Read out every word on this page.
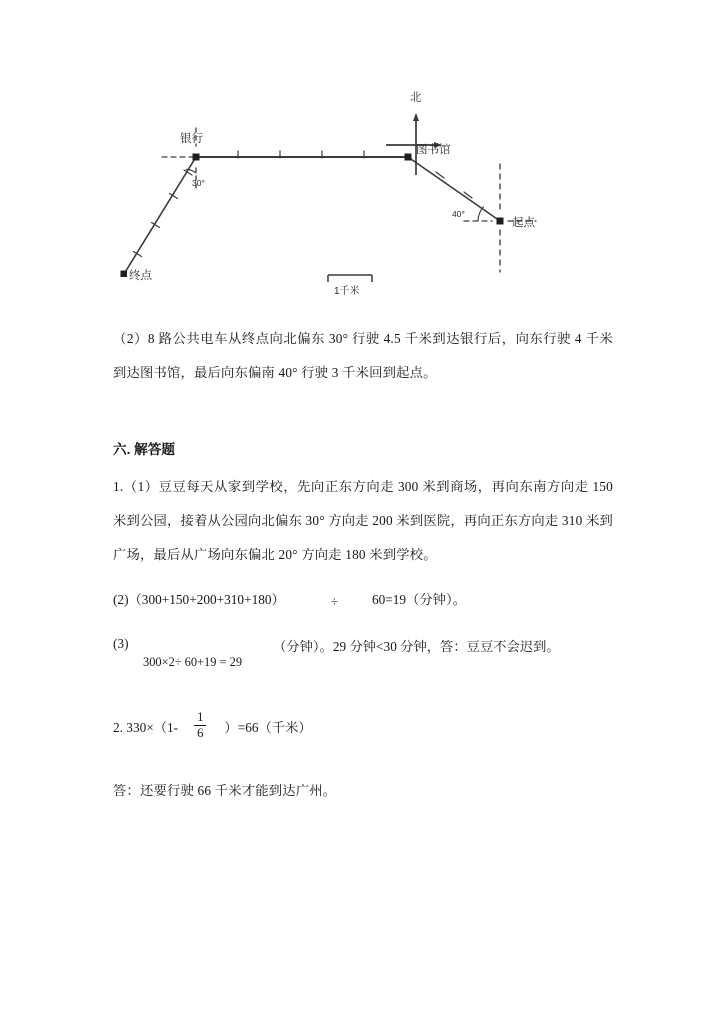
银行
图书馆
起点
终点
北
30°
40°
1千米

（2）8 路公共电车从终点向北偏东 30° 行驶 4.5 千米到达银行后，向东行驶 4 千米到达图书馆，最后向东偏南 40° 行驶 3 千米回到起点。

六. 解答题

1.（1）豆豆每天从家到学校，先向正东方向走 300 米到商场，再向东南方向走 150 米到公园，接着从公园向北偏东 30° 方向走 200 米到医院，再向正东方向走 310 米到广场，最后从广场向东偏北 20° 方向走 180 米到学校。

(2)（300+150+200+310+180）	÷	60=19（分钟）。

(3)	（分钟）。29 分钟<30 分钟，答：豆豆不会迟到。
300×2÷ 60+19 = 29
2. $330\times(1- \frac{1}{6} )=66$（千米）

答：还要行驶 66 千米才能到达广州。
